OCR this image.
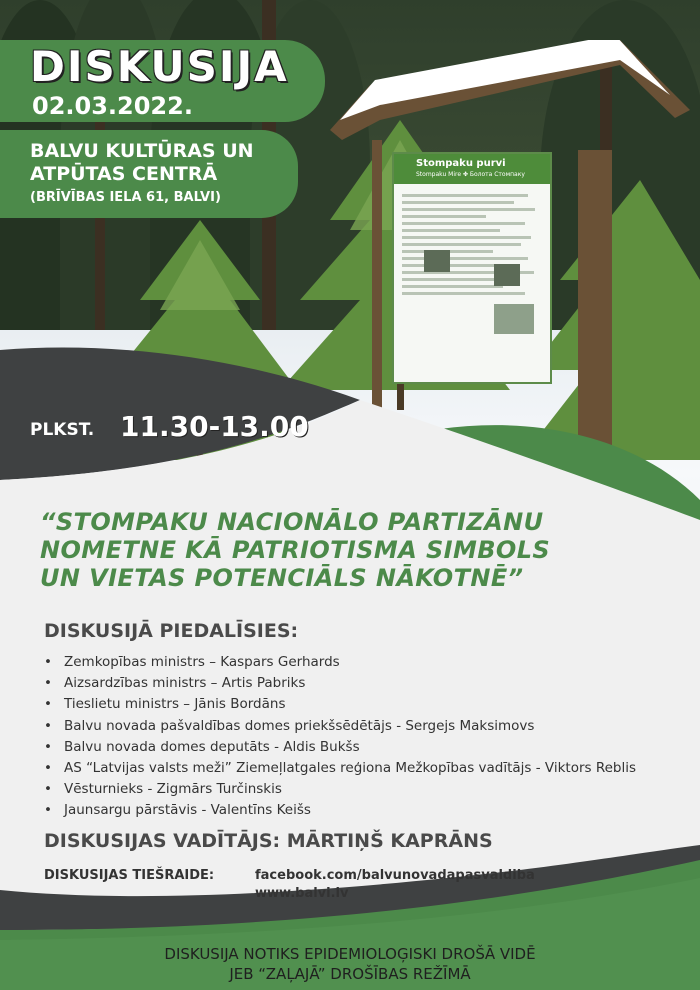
Stompaku purvi
Stompaku Mire ✤ Болота Стомпаку
DISKUSIJA
02.03.2022.
BALVU KULTŪRAS UN
ATPŪTAS CENTRĀ
(BRĪVĪBAS IELA 61, BALVI)
PLKST. 11.30-13.00
“STOMPAKU NACIONĀLO PARTIZĀNU
NOMETNE KĀ PATRIOTISMA SIMBOLS
UN VIETAS POTENCIĀLS NĀKOTNĒ”
DISKUSIJĀ PIEDALĪSIES:
• Zemkopības ministrs – Kaspars Gerhards
• Aizsardzības ministrs – Artis Pabriks
• Tieslietu ministrs – Jānis Bordāns
• Balvu novada pašvaldības domes priekšsēdētājs - Sergejs Maksimovs
• Balvu novada domes deputāts - Aldis Bukšs
• AS “Latvijas valsts meži” Ziemeļlatgales reģiona Mežkopības vadītājs - Viktors Reblis
• Vēsturnieks - Zigmārs Turčinskis
• Jaunsargu pārstāvis - Valentīns Keišs
DISKUSIJAS VADĪTĀJS: MĀRTIŅŠ KAPRĀNS
DISKUSIJAS TIEŠRAIDE:	facebook.com/balvunovadapasvaldiba
www.balvi.lv
DISKUSIJA NOTIKS EPIDEMIOLOĢISKI DROŠĀ VIDĒ
JEB “ZAĻAJĀ” DROŠĪBAS REŽĪMĀ
